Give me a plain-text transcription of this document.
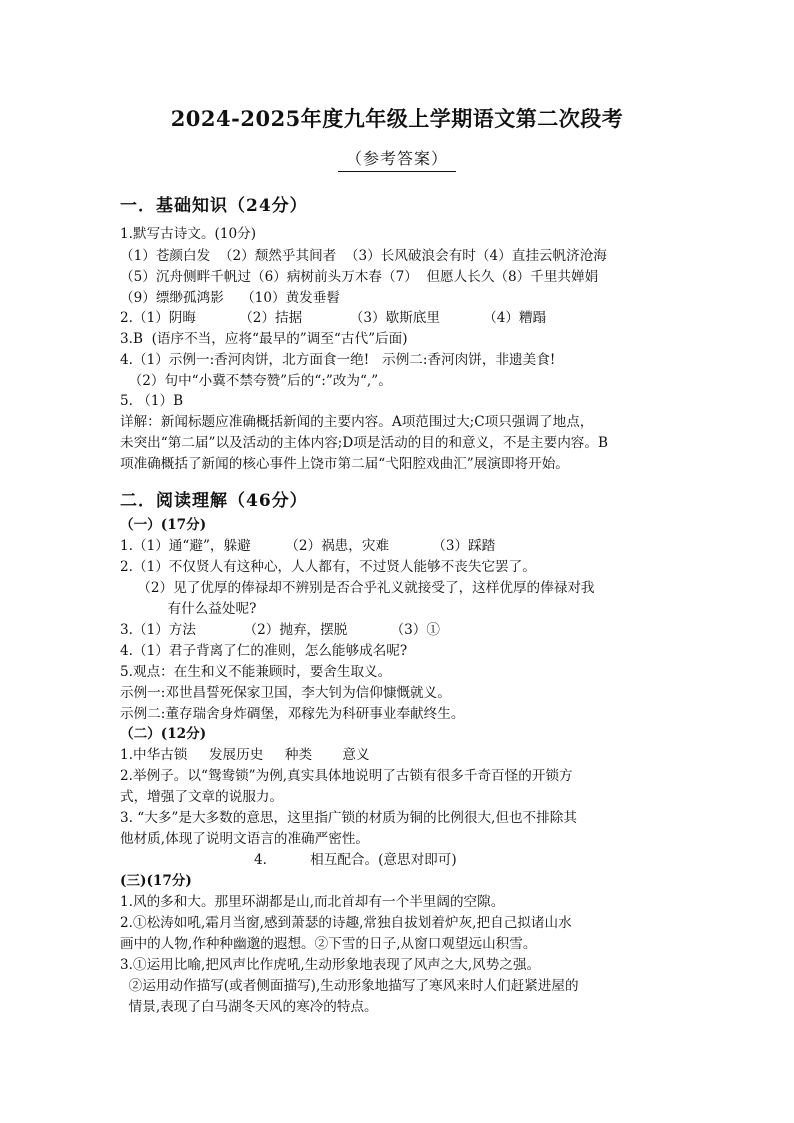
2024-2025年度九年级上学期语文第二次段考
（参考答案）
一．基础知识（24分）
1.默写古诗文。(10分)
（1）苍颜白发  （2）颓然乎其间者  （3）长风破浪会有时（4）直挂云帆济沧海
（5）沉舟侧畔千帆过（6）病树前头万木春（7）  但愿人长久（8）千里共婵娟
（9）缥缈孤鸿影    （10）黄发垂髫
2.（1）阴晦          （2）拮据           （3）歇斯底里          （4）糟蹋
3.B  (语序不当，应将“最早的”调至“古代”后面)
4.（1）示例一:香河肉饼，北方面食一绝!   示例二:香河肉饼，非遗美食!
（2）句中“小冀不禁夸赞”后的“:”改为“,”。
5. （1）B
详解：新闻标题应准确概括新闻的主要内容。A项范围过大;C项只强调了地点，
未突出“第二届”以及活动的主体内容;D项是活动的目的和意义，不是主要内容。B
项准确概括了新闻的核心事件上饶市第二届“弋阳腔戏曲汇”展演即将开始。
二．阅读理解（46分）
（一）(17分)
1.（1）通“避”，躲避        （2）祸患，灾难          （3）踩踏
2.（1）不仅贤人有这种心，人人都有，不过贤人能够不丧失它罢了。
（2）见了优厚的俸禄却不辨别是否合乎礼义就接受了，这样优厚的俸禄对我
有什么益处呢?
3.（1）方法           （2）抛弃，摆脱          （3）①
4.（1）君子背离了仁的准则，怎么能够成名呢?
5.观点：在生和义不能兼顾时，要舍生取义。
示例一:邓世昌誓死保家卫国，李大钊为信仰慷慨就义。
示例二:董存瑞舍身炸碉堡，邓稼先为科研事业奉献终生。
（二）(12分)
1.中华古锁     发展历史     种类       意义
2.举例子。以“鸳鸯锁”为例,真实具体地说明了古锁有很多千奇百怪的开锁方
式，增强了文章的说服力。
3. “大多”是大多数的意思，这里指广锁的材质为铜的比例很大,但也不排除其
他材质,体现了说明文语言的准确严密性。
4.          相互配合。(意思对即可)
(三)(17分)
1.风的多和大。那里环湖都是山,而北首却有一个半里阔的空隙。
2.①松涛如吼,霜月当窗,感到萧瑟的诗趣,常独自拔划着炉灰,把自己拟诸山水
画中的人物,作种种幽邈的遐想。②下雪的日子,从窗口观望远山积雪。
3.①运用比喻,把风声比作虎吼,生动形象地表现了风声之大,风势之强。
②运用动作描写(或者侧面描写),生动形象地描写了寒风来时人们赶紧进屋的
情景,表现了白马湖冬天风的寒冷的特点。
